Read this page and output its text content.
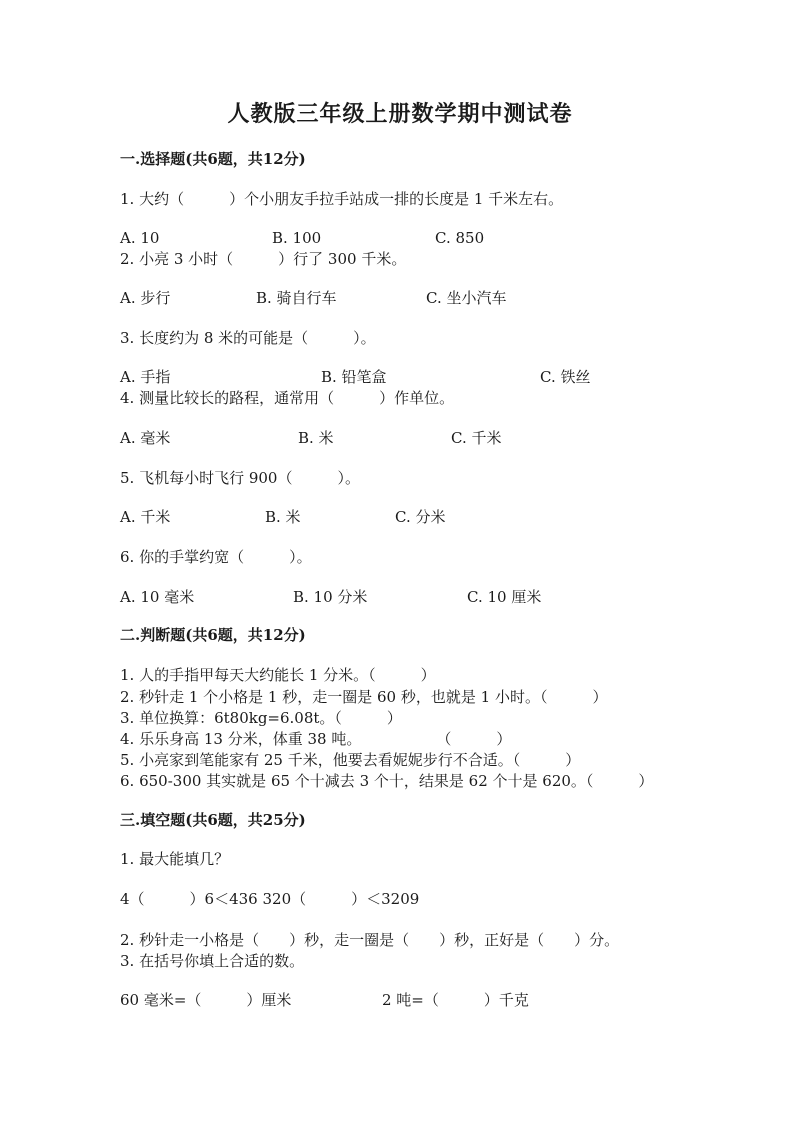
人教版三年级上册数学期中测试卷
一.选择题(共6题，共12分)
1. 大约（　　　）个小朋友手拉手站成一排的长度是 1 千米左右。
A. 10	B. 100	C. 850
2. 小亮 3 小时（　　　）行了 300 千米。
A. 步行	B. 骑自行车	C. 坐小汽车
3. 长度约为 8 米的可能是（　　　）。
A. 手指	B. 铅笔盒	C. 铁丝
4. 测量比较长的路程，通常用（　　　）作单位。
A. 毫米	B. 米	C. 千米
5. 飞机每小时飞行 900（　　　）。
A. 千米	B. 米	C. 分米
6. 你的手掌约宽（　　　）。
A. 10 毫米	B. 10 分米	C. 10 厘米
二.判断题(共6题，共12分)
1. 人的手指甲每天大约能长 1 分米。（　　　）
2. 秒针走 1 个小格是 1 秒，走一圈是 60 秒，也就是 1 小时。（　　　）
3. 单位换算：6t80kg=6.08t。（　　　）
4. 乐乐身高 13 分米，体重 38 吨。　　　　　　（　　　）
5. 小亮家到笔能家有 25 千米，他要去看妮妮步行不合适。（　　　）
6. 650-300 其实就是 65 个十减去 3 个十，结果是 62 个十是 620。（　　　）
三.填空题(共6题，共25分)
1. 最大能填几？
4（　　　）6＜436 320（　　　）＜3209
2. 秒针走一小格是（　　）秒，走一圈是（　　）秒，正好是（　　）分。
3. 在括号你填上合适的数。
60 毫米=（　　　）厘米	2 吨=（　　　）千克
